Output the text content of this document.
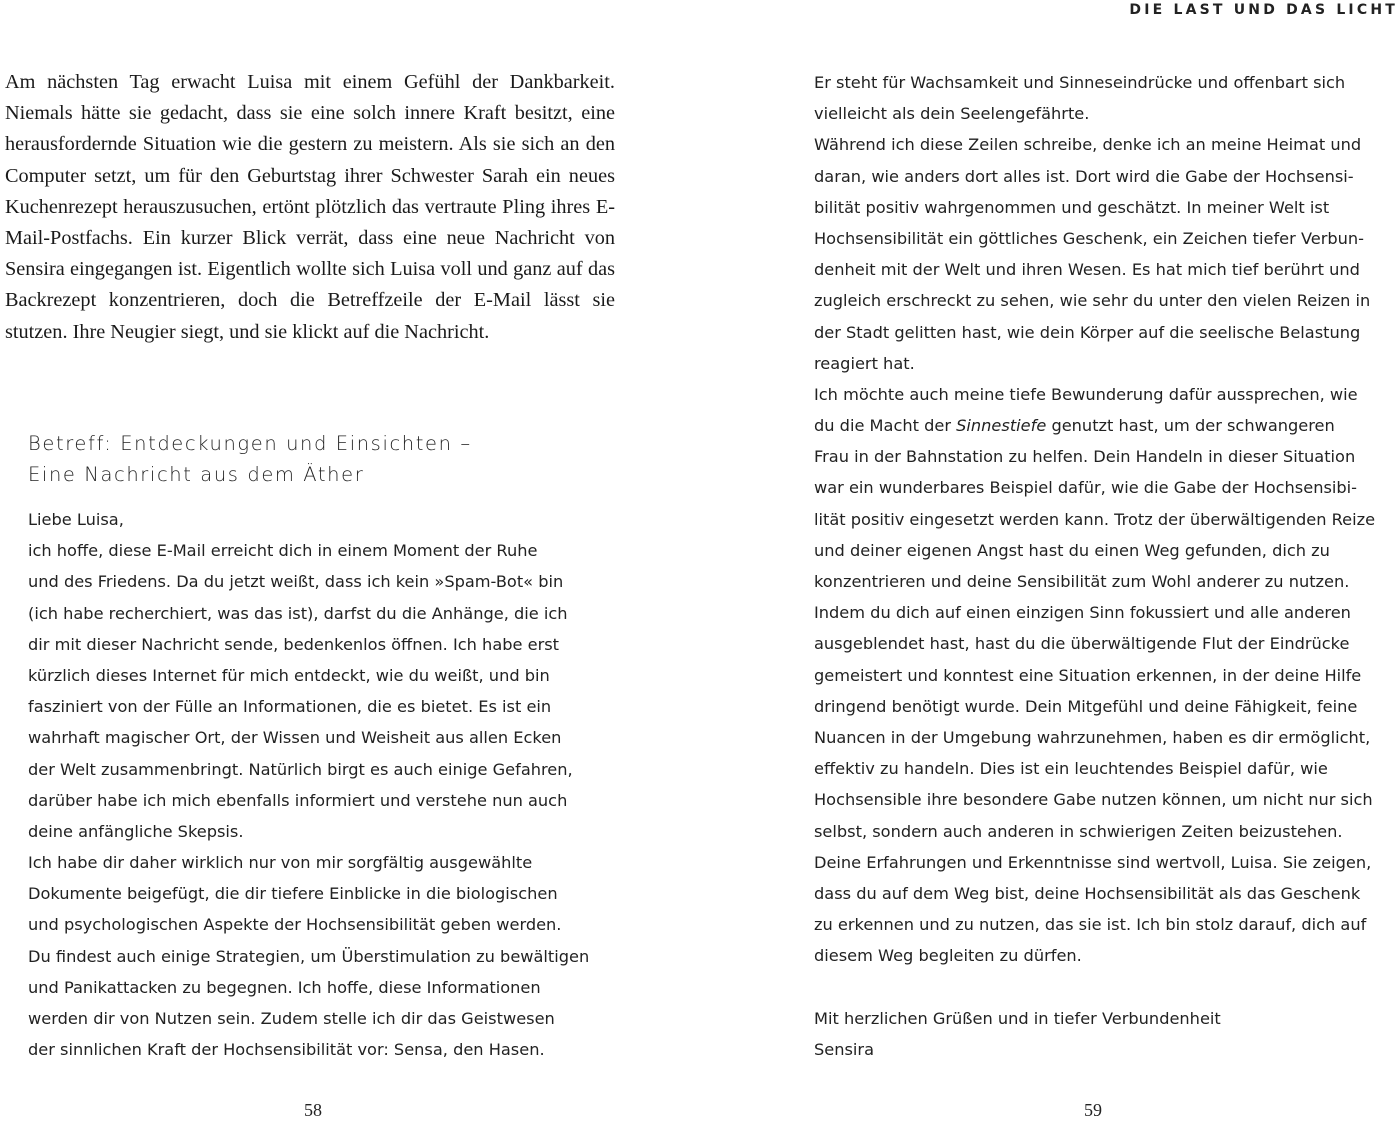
DIE LAST UND DAS LICHT

Am nächsten Tag erwacht Luisa mit einem Gefühl der Dankbarkeit. Niemals hätte sie gedacht, dass sie eine solch innere Kraft besitzt, eine herausfordernde Situation wie die gestern zu meistern. Als sie sich an den Computer setzt, um für den Geburtstag ihrer Schwester Sarah ein neues Kuchenrezept herauszusuchen, ertönt plötzlich das vertraute Pling ihres E-Mail-Postfachs. Ein kurzer Blick verrät, dass eine neue Nachricht von Sensira eingegangen ist. Eigentlich wollte sich Luisa voll und ganz auf das Backrezept konzentrieren, doch die Betreffzeile der E-Mail lässt sie stutzen. Ihre Neugier siegt, und sie klickt auf die Nachricht.

Betreff: Entdeckungen und Einsichten –
Eine Nachricht aus dem Äther
Liebe Luisa,
ich hoffe, diese E-Mail erreicht dich in einem Moment der Ruhe
und des Friedens. Da du jetzt weißt, dass ich kein »Spam-Bot« bin
(ich habe recherchiert, was das ist), darfst du die Anhänge, die ich
dir mit dieser Nachricht sende, bedenkenlos öffnen. Ich habe erst
kürzlich dieses Internet für mich entdeckt, wie du weißt, und bin
fasziniert von der Fülle an Informationen, die es bietet. Es ist ein
wahrhaft magischer Ort, der Wissen und Weisheit aus allen Ecken
der Welt zusammenbringt. Natürlich birgt es auch einige Gefahren,
darüber habe ich mich ebenfalls informiert und verstehe nun auch
deine anfängliche Skepsis.
Ich habe dir daher wirklich nur von mir sorgfältig ausgewählte
Dokumente beigefügt, die dir tiefere Einblicke in die biologischen
und psychologischen Aspekte der Hochsensibilität geben werden.
Du findest auch einige Strategien, um Überstimulation zu bewältigen
und Panikattacken zu begegnen. Ich hoffe, diese Informationen
werden dir von Nutzen sein. Zudem stelle ich dir das Geistwesen
der sinnlichen Kraft der Hochsensibilität vor: Sensa, den Hasen.
58
Er steht für Wachsamkeit und Sinneseindrücke und offenbart sich
vielleicht als dein Seelengefährte.
Während ich diese Zeilen schreibe, denke ich an meine Heimat und
daran, wie anders dort alles ist. Dort wird die Gabe der Hochsensi-
bilität positiv wahrgenommen und geschätzt. In meiner Welt ist
Hochsensibilität ein göttliches Geschenk, ein Zeichen tiefer Verbun-
denheit mit der Welt und ihren Wesen. Es hat mich tief berührt und
zugleich erschreckt zu sehen, wie sehr du unter den vielen Reizen in
der Stadt gelitten hast, wie dein Körper auf die seelische Belastung
reagiert hat.
Ich möchte auch meine tiefe Bewunderung dafür aussprechen, wie
du die Macht der Sinnestiefe genutzt hast, um der schwangeren
Frau in der Bahnstation zu helfen. Dein Handeln in dieser Situation
war ein wunderbares Beispiel dafür, wie die Gabe der Hochsensibi-
lität positiv eingesetzt werden kann. Trotz der überwältigenden Reize
und deiner eigenen Angst hast du einen Weg gefunden, dich zu
konzentrieren und deine Sensibilität zum Wohl anderer zu nutzen.
Indem du dich auf einen einzigen Sinn fokussiert und alle anderen
ausgeblendet hast, hast du die überwältigende Flut der Eindrücke
gemeistert und konntest eine Situation erkennen, in der deine Hilfe
dringend benötigt wurde. Dein Mitgefühl und deine Fähigkeit, feine
Nuancen in der Umgebung wahrzunehmen, haben es dir ermöglicht,
effektiv zu handeln. Dies ist ein leuchtendes Beispiel dafür, wie
Hochsensible ihre besondere Gabe nutzen können, um nicht nur sich
selbst, sondern auch anderen in schwierigen Zeiten beizustehen.
Deine Erfahrungen und Erkenntnisse sind wertvoll, Luisa. Sie zeigen,
dass du auf dem Weg bist, deine Hochsensibilität als das Geschenk
zu erkennen und zu nutzen, das sie ist. Ich bin stolz darauf, dich auf
diesem Weg begleiten zu dürfen.
Mit herzlichen Grüßen und in tiefer Verbundenheit
Sensira
59
